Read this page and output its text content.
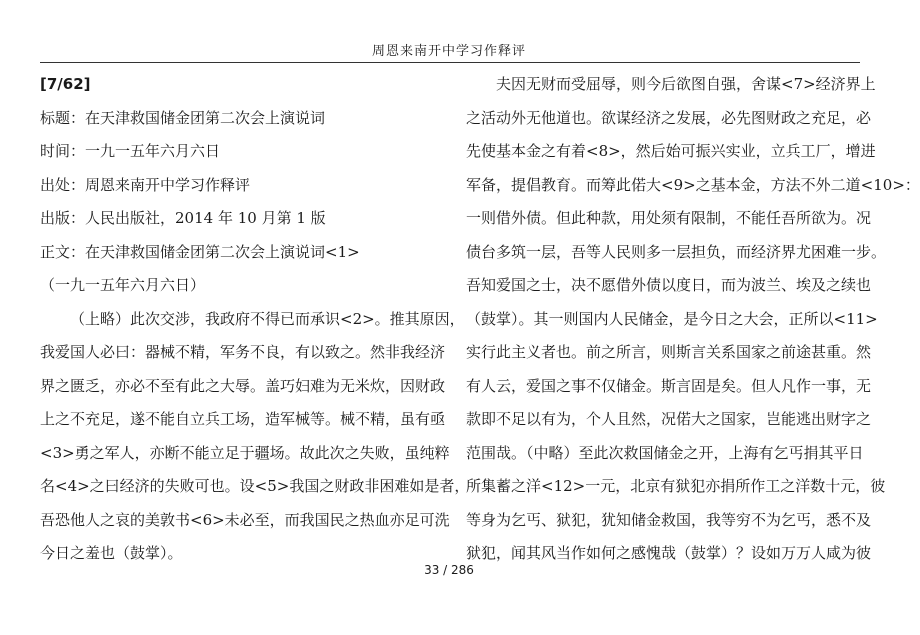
周恩来南开中学习作释评
[7/62]
标题：在天津救国储金团第二次会上演说词
时间：一九一五年六月六日
出处：周恩来南开中学习作释评
出版：人民出版社，2014 年 10 月第 1 版
正文：在天津救国储金团第二次会上演说词<1>
（一九一五年六月六日）
（上略）此次交涉，我政府不得已而承识<2>。推其原因，
我爱国人必曰：器械不精，军务不良，有以致之。然非我经济
界之匮乏，亦必不至有此之大辱。盖巧妇难为无米炊，因财政
上之不充足，遂不能自立兵工场，造军械等。械不精，虽有亟
<3>勇之军人，亦断不能立足于疆场。故此次之失败，虽纯粹
名<4>之曰经济的失败可也。设<5>我国之财政非困难如是者，
吾恐他人之哀的美敦书<6>未必至，而我国民之热血亦足可洗
今日之羞也（鼓掌）。
夫因无财而受屈辱，则今后欲图自强，舍谋<7>经济界上
之活动外无他道也。欲谋经济之发展，必先图财政之充足，必
先使基本金之有着<8>，然后始可振兴实业，立兵工厂，增进
军备，提倡教育。而筹此偌大<9>之基本金，方法不外二道<10>：
一则借外债。但此种款，用处须有限制，不能任吾所欲为。况
债台多筑一层，吾等人民则多一层担负，而经济界尤困难一步。
吾知爱国之士，决不愿借外债以度日，而为波兰、埃及之续也
（鼓掌）。其一则国内人民储金，是今日之大会，正所以<11>
实行此主义者也。前之所言，则斯言关系国家之前途甚重。然
有人云，爱国之事不仅储金。斯言固是矣。但人凡作一事，无
款即不足以有为，个人且然，况偌大之国家，岂能逃出财字之
范围哉。（中略）至此次救国储金之开，上海有乞丐捐其平日
所集蓄之洋<12>一元，北京有狱犯亦捐所作工之洋数十元，彼
等身为乞丐、狱犯，犹知储金救国，我等穷不为乞丐，悉不及
狱犯，闻其风当作如何之感愧哉（鼓掌）？设如万万人咸为彼
33 / 286
